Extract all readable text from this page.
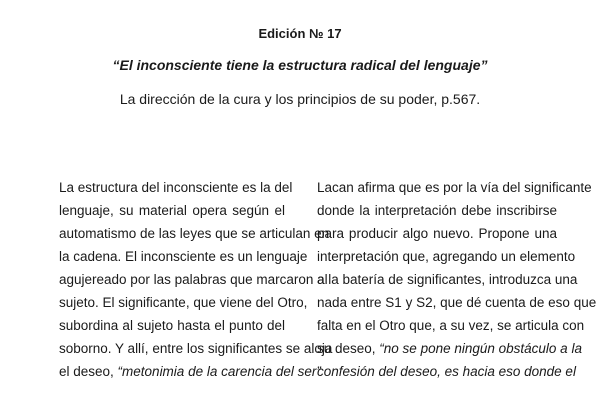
Edición № 17
“El inconsciente tiene la estructura radical del lenguaje”
La dirección de la cura y los principios de su poder, p.567.
La estructura del inconsciente es la del
lenguaje, su material opera según el
automatismo de las leyes que se articulan en
la cadena. El inconsciente es un lenguaje
agujereado por las palabras que marcaron al
sujeto. El significante, que viene del Otro,
subordina al sujeto hasta el punto del
soborno. Y allí, entre los significantes se aloja
el deseo, “metonimia de la carencia del ser”
Lacan afirma que es por la vía del significante
donde la interpretación debe inscribirse
para producir algo nuevo. Propone una
interpretación que, agregando un elemento
a la batería de significantes, introduzca una
nada entre S1 y S2, que dé cuenta de eso que
falta en el Otro que, a su vez, se articula con
su deseo, “no se pone ningún obstáculo a la
confesión del deseo, es hacia eso donde el
